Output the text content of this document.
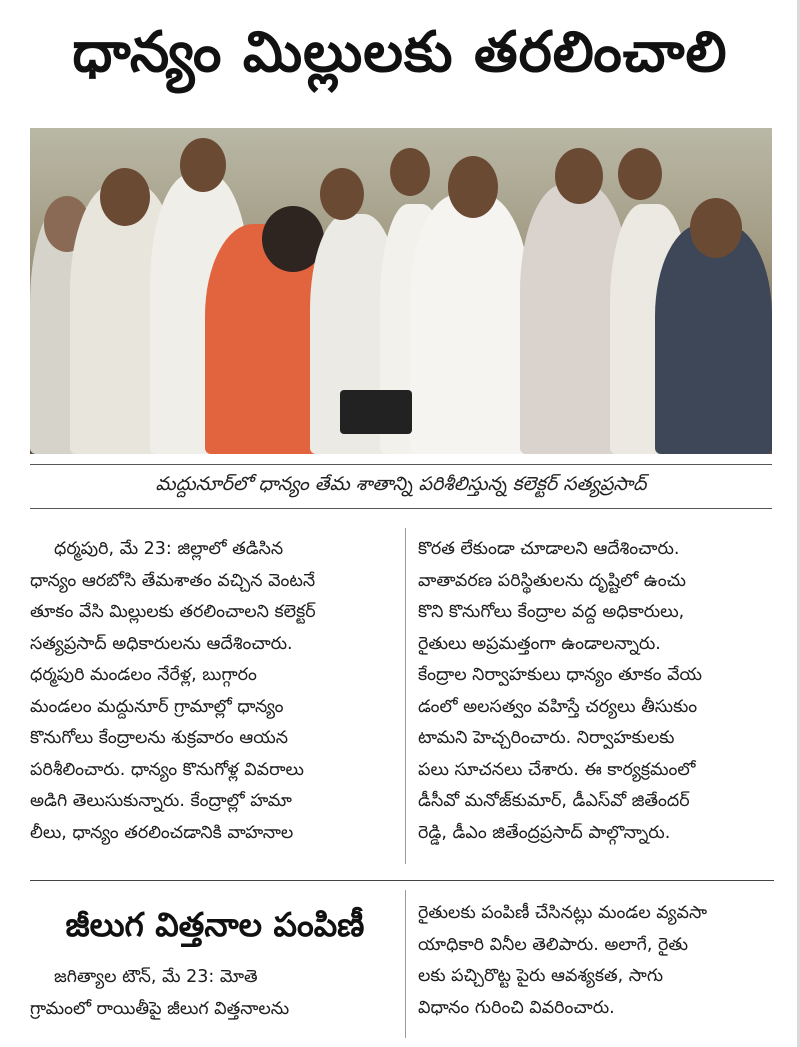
ధాన్యం మిల్లులకు తరలించాలి
మద్దునూర్‌లో ధాన్యం తేమ శాతాన్ని పరిశీలిస్తున్న కలెక్టర్ సత్యప్రసాద్

ధర్మపురి, మే 23: జిల్లాలో తడిసిన

ధాన్యం ఆరబోసి తేమశాతం వచ్చిన వెంటనే

తూకం వేసి మిల్లులకు తరలించాలని కలెక్టర్

సత్యప్రసాద్ అధికారులను ఆదేశించారు.

ధర్మపురి మండలం నేరేళ్ల, బుగ్గారం

మండలం మద్దునూర్ గ్రామాల్లో ధాన్యం

కొనుగోలు కేంద్రాలను శుక్రవారం ఆయన

పరిశీలించారు. ధాన్యం కొనుగోళ్ల వివరాలు

అడిగి తెలుసుకున్నారు. కేంద్రాల్లో హమా

లీలు, ధాన్యం తరలించడానికి వాహనాల

కొరత లేకుండా చూడాలని ఆదేశించారు.

వాతావరణ పరిస్థితులను దృష్టిలో ఉంచు

కొని కొనుగోలు కేంద్రాల వద్ద అధికారులు,

రైతులు అప్రమత్తంగా ఉండాలన్నారు.

కేంద్రాల నిర్వాహకులు ధాన్యం తూకం వేయ

డంలో అలసత్వం వహిస్తే చర్యలు తీసుకుం

టామని హెచ్చరించారు. నిర్వాహకులకు

పలు సూచనలు చేశారు. ఈ కార్యక్రమంలో

డీసీవో మనోజ్‌కుమార్, డీఎస్‌వో జితేందర్

రెడ్డి, డీఎం జితేంద్రప్రసాద్ పాల్గొన్నారు.

జీలుగ విత్తనాల పంపిణీ

జగిత్యాల టౌన్, మే 23: మోతె

గ్రామంలో రాయితీపై జీలుగ విత్తనాలను

రైతులకు పంపిణీ చేసినట్లు మండల వ్యవసా

యాధికారి వినీల తెలిపారు. అలాగే, రైతు

లకు పచ్చిరొట్ట పైరు ఆవశ్యకత, సాగు

విధానం గురించి వివరించారు.
